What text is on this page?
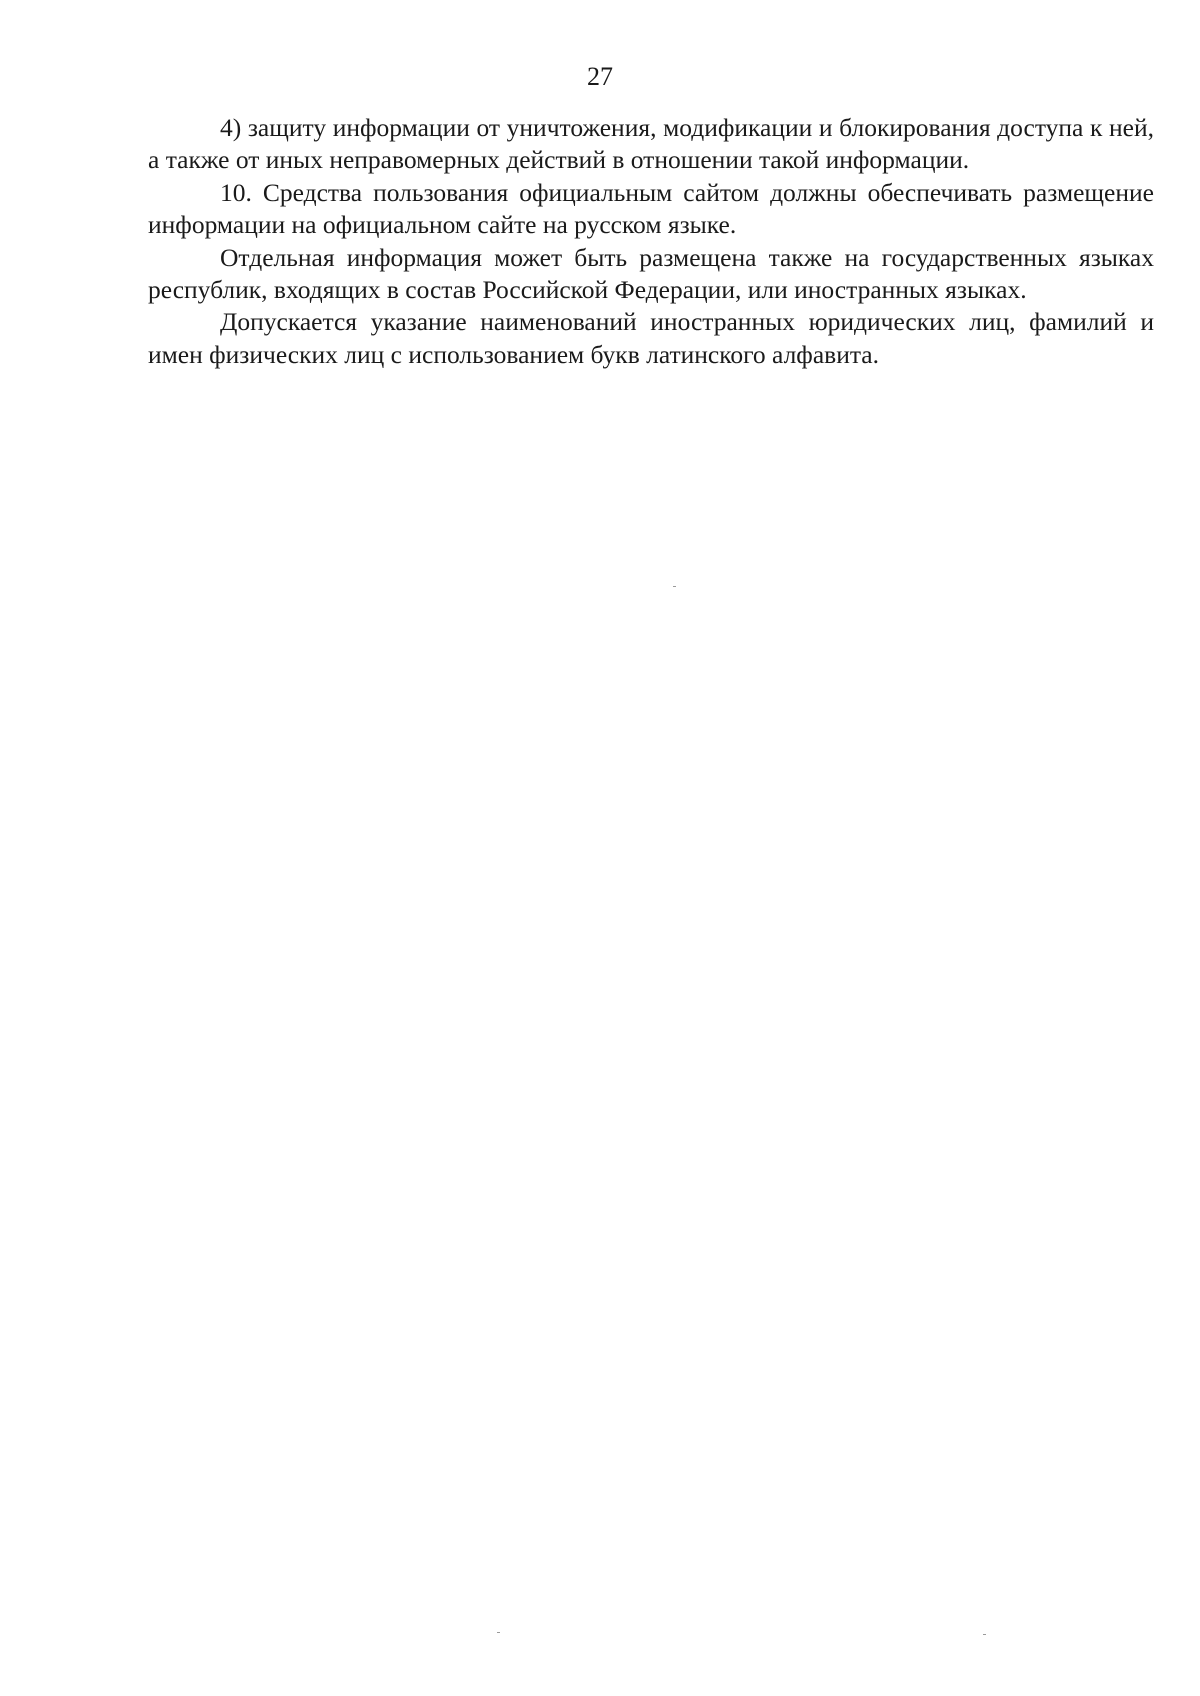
27

4) защиту информации от уничтожения, модификации и блокирования доступа к ней, а также от иных неправомерных действий в отношении такой информации.

10. Средства пользования официальным сайтом должны обеспечивать размещение информации на официальном сайте на русском языке.

Отдельная информация может быть размещена также на государственных языках республик, входящих в состав Российской Федерации, или иностранных языках.

Допускается указание наименований иностранных юридических лиц, фамилий и имен физических лиц с использованием букв латинского алфавита.
